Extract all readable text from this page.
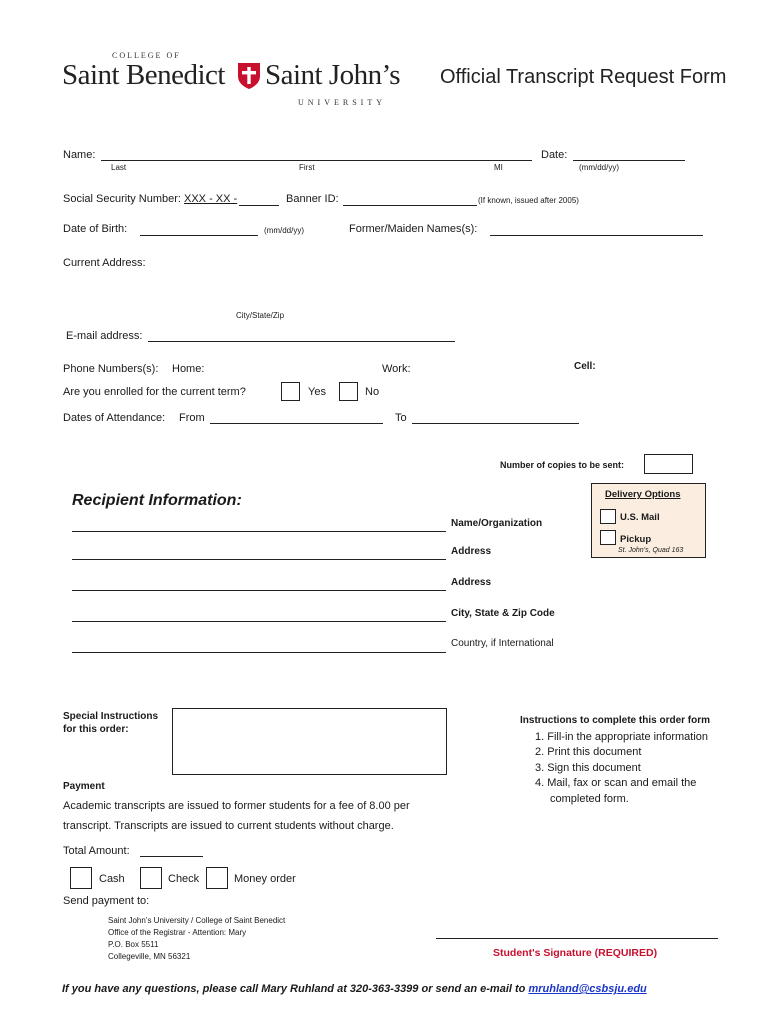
COLLEGE OF
Saint Benedict Saint John’s
UNIVERSITY
Official Transcript Request Form
Name:
Last	First	MI
Date:
(mm/dd/yy)
Social Security Number: XXX - XX -	Banner ID:	(If known, issued after 2005)
Date of Birth:	(mm/dd/yy)	Former/Maiden Names(s):
Current Address:
City/State/Zip
E-mail address:
Phone Numbers(s): Home:	Work:	Cell:
Are you enrolled for the current term?	Yes	No
Dates of Attendance: From	To
Number of copies to be sent:
Recipient Information:
Name/Organization
Address
Address
City, State & Zip Code
Country, if International
Delivery Options
U.S. Mail
Pickup
St. John’s, Quad 163
Special Instructions
for this order:
Instructions to complete this order form
1. Fill-in the appropriate information
2. Print this document
3. Sign this document
4. Mail, fax or scan and email the
completed form.
Payment
Academic transcripts are issued to former students for a fee of 8.00 per
transcript. Transcripts are issued to current students without charge.
Total Amount:
Cash	Check	Money order
Send payment to:
Saint John’s University / College of Saint Benedict
Office of the Registrar - Attention: Mary
P.O. Box 5511
Collegeville, MN 56321	Student's Signature (REQUIRED)
If you have any questions, please call Mary Ruhland at 320-363-3399 or send an e-mail to mruhland@csbsju.edu
